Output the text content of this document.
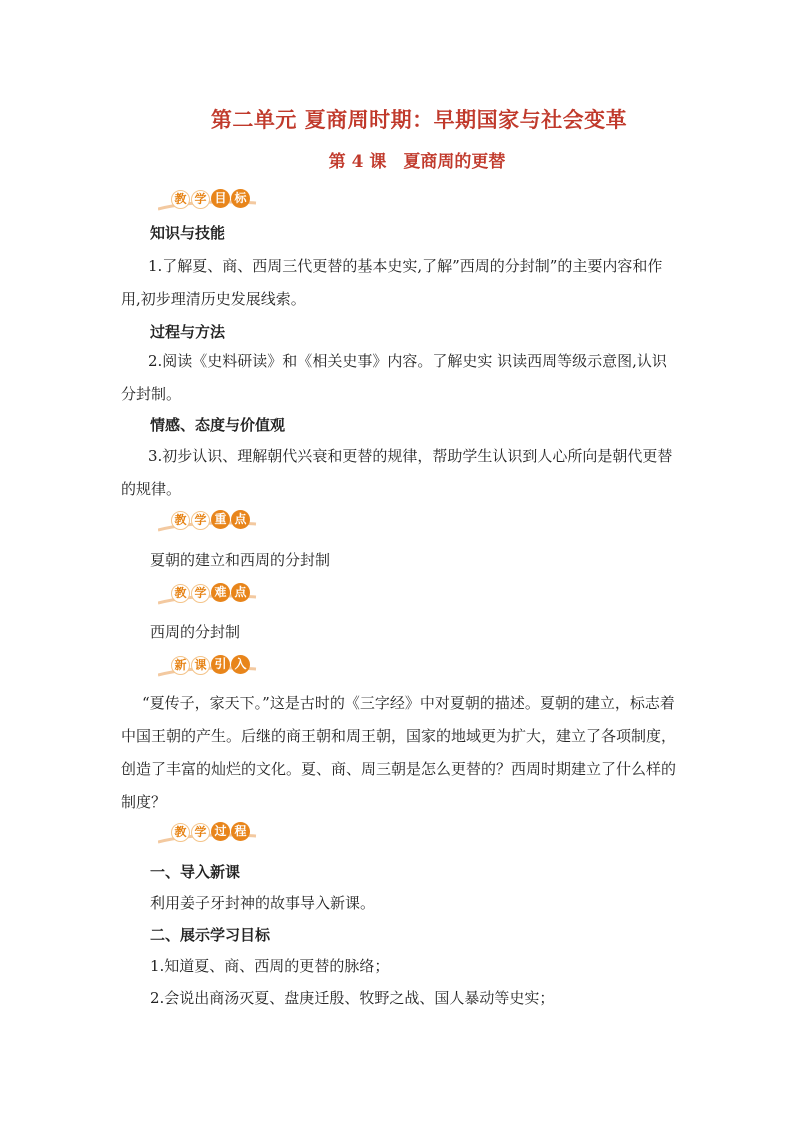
第二单元 夏商周时期：早期国家与社会变革
第 4 课　夏商周的更替
教 学 目 标
知识与技能
1.了解夏、商、西周三代更替的基本史实,了解”西周的分封制”的主要内容和作用,初步理清历史发展线索。
过程与方法
2.阅读《史料研读》和《相关史事》内容。了解史实 识读西周等级示意图,认识分封制。
情感、态度与价值观
3.初步认识、理解朝代兴衰和更替的规律，帮助学生认识到人心所向是朝代更替的规律。
教 学 重 点
夏朝的建立和西周的分封制
教 学 难 点
西周的分封制
新 课 引 入
“夏传子，家天下。”这是古时的《三字经》中对夏朝的描述。夏朝的建立，标志着中国王朝的产生。后继的商王朝和周王朝，国家的地域更为扩大，建立了各项制度，创造了丰富的灿烂的文化。夏、商、周三朝是怎么更替的？西周时期建立了什么样的制度？
教 学 过 程
一、导入新课
利用姜子牙封神的故事导入新课。
二、展示学习目标
1.知道夏、商、西周的更替的脉络；
2.会说出商汤灭夏、盘庚迁殷、牧野之战、国人暴动等史实；
